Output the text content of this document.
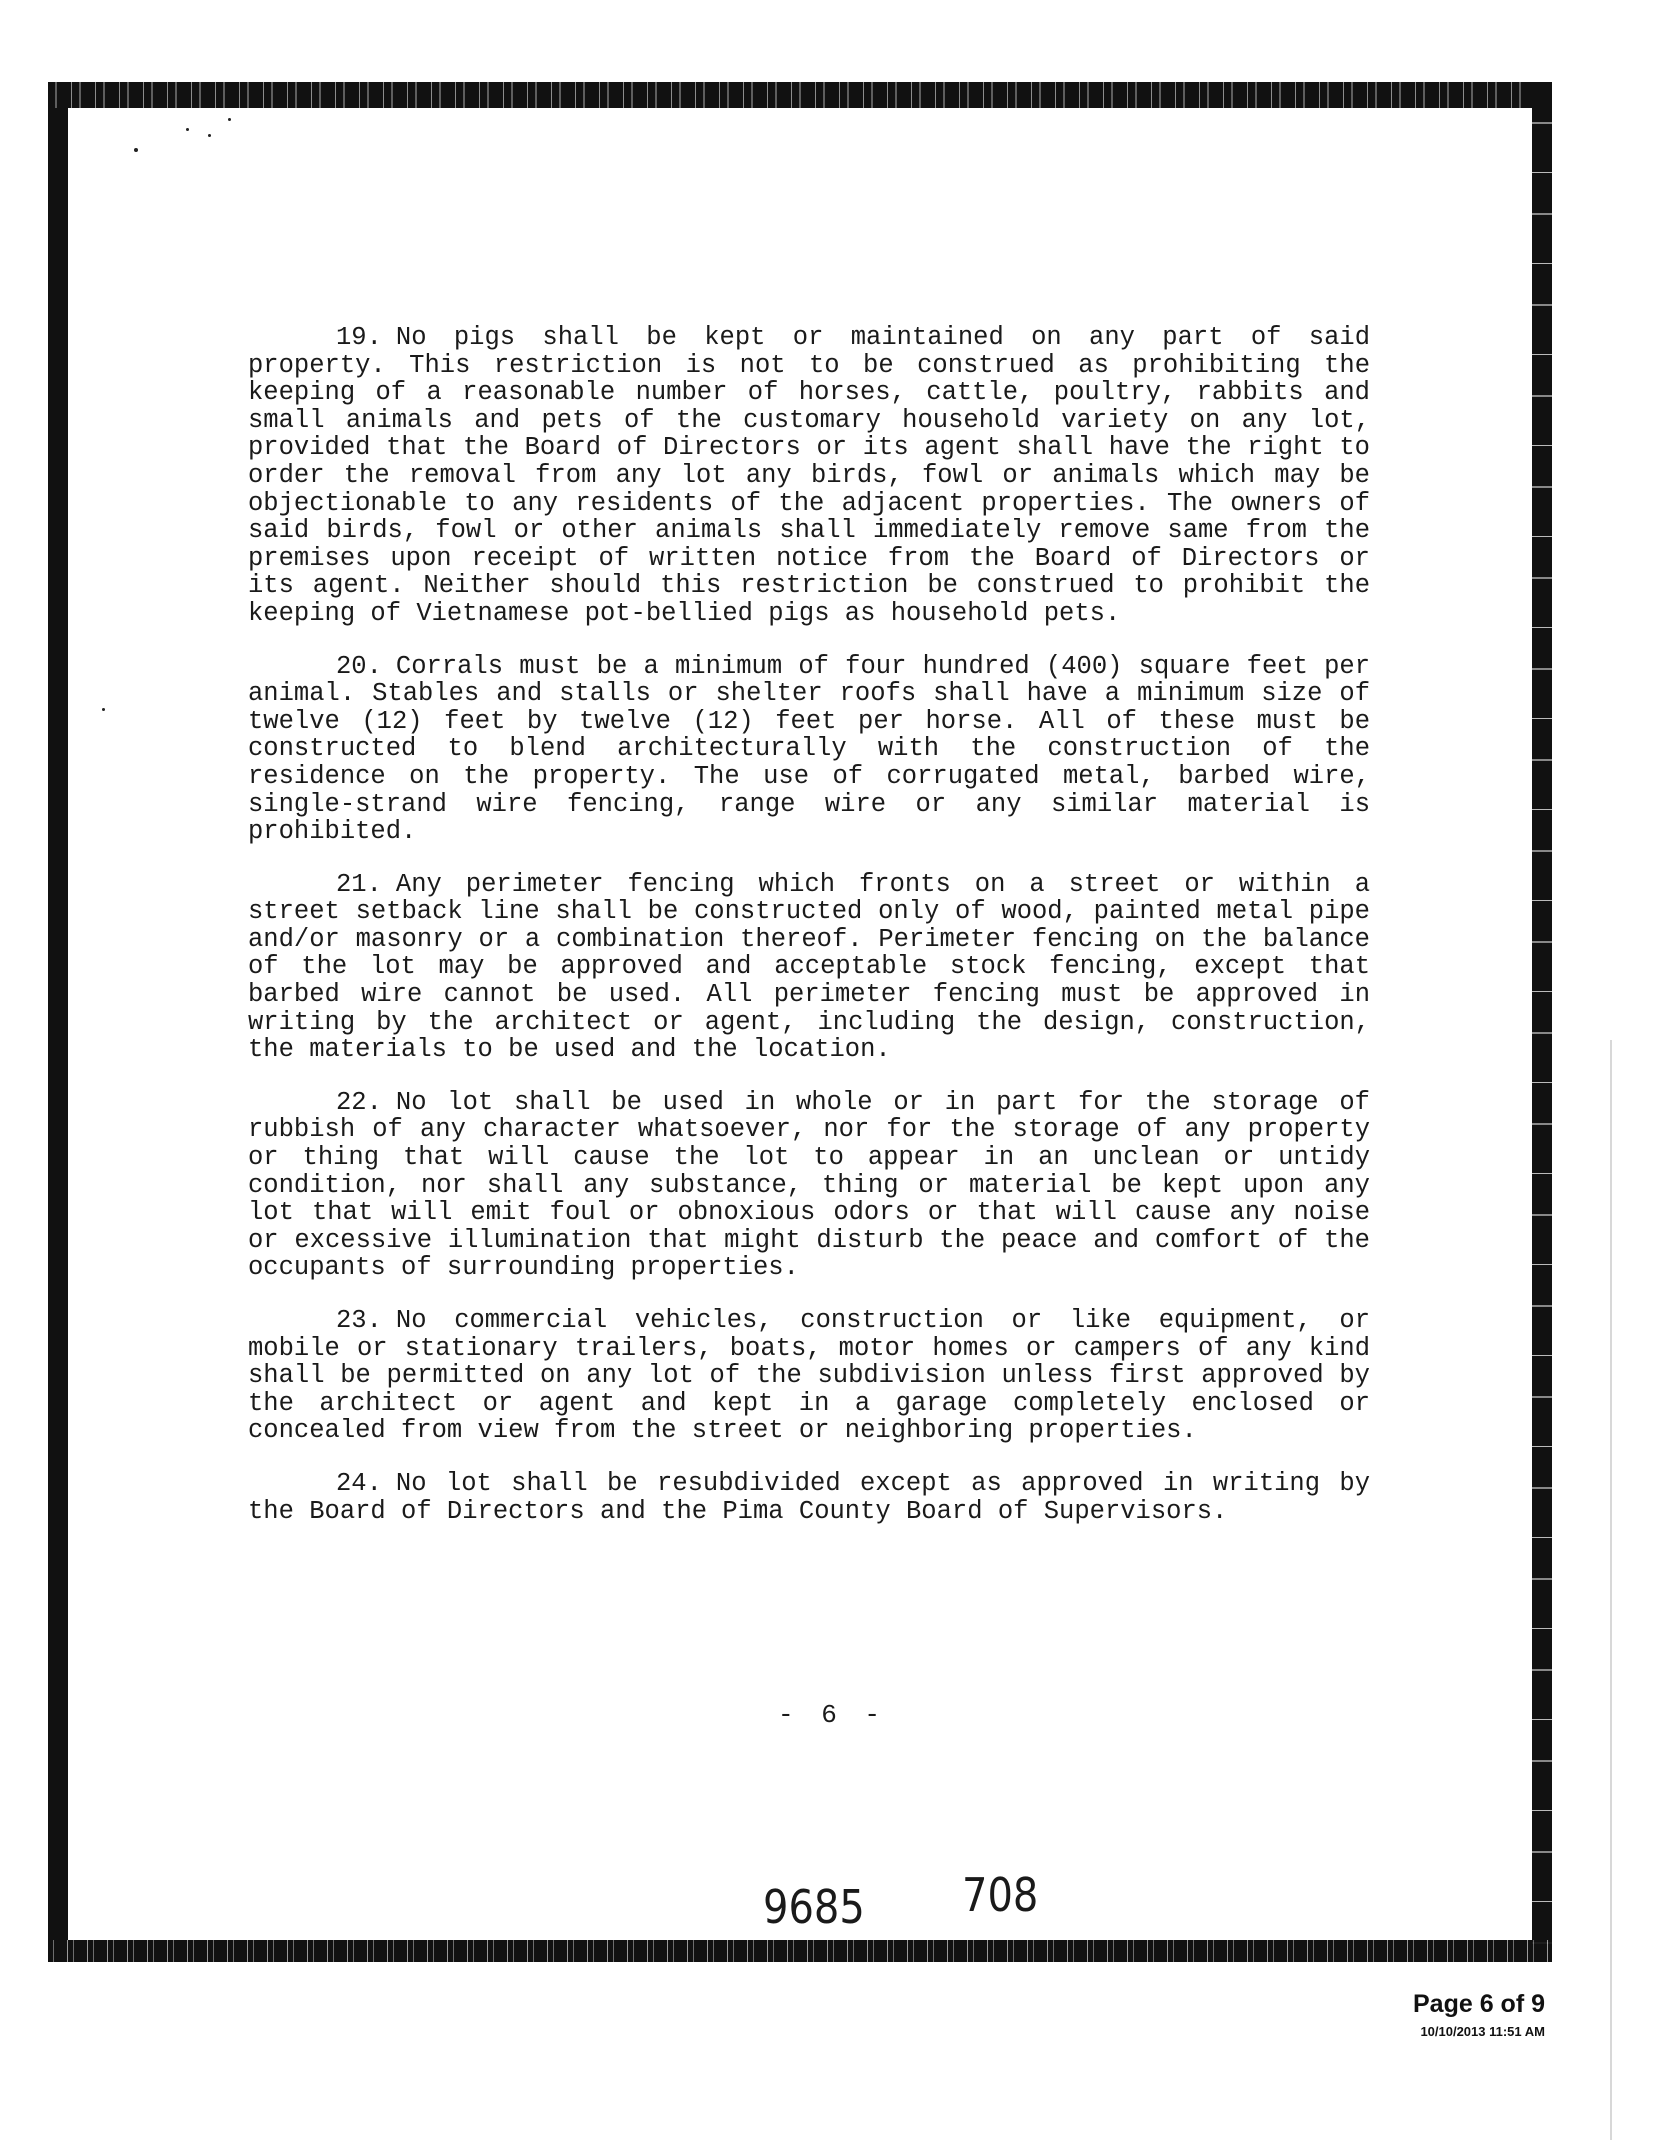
19. No pigs shall be kept or maintained on any part of said property. This restriction is not to be construed as prohibiting the keeping of a reasonable number of horses, cattle, poultry, rabbits and small animals and pets of the customary household variety on any lot, provided that the Board of Directors or its agent shall have the right to order the removal from any lot any birds, fowl or animals which may be objectionable to any residents of the adjacent properties. The owners of said birds, fowl or other animals shall immediately remove same from the premises upon receipt of written notice from the Board of Directors or its agent. Neither should this restriction be construed to prohibit the keeping of Vietnamese pot-bellied pigs as household pets.

20. Corrals must be a minimum of four hundred (400) square feet per animal. Stables and stalls or shelter roofs shall have a minimum size of twelve (12) feet by twelve (12) feet per horse. All of these must be constructed to blend architecturally with the construction of the residence on the property. The use of corrugated metal, barbed wire, single-strand wire fencing, range wire or any similar material is prohibited.

21. Any perimeter fencing which fronts on a street or within a street setback line shall be constructed only of wood, painted metal pipe and/or masonry or a combination thereof. Perimeter fencing on the balance of the lot may be approved and acceptable stock fencing, except that barbed wire cannot be used. All perimeter fencing must be approved in writing by the architect or agent, including the design, construction, the materials to be used and the location.

22. No lot shall be used in whole or in part for the storage of rubbish of any character whatsoever, nor for the storage of any property or thing that will cause the lot to appear in an unclean or untidy condition, nor shall any substance, thing or material be kept upon any lot that will emit foul or obnoxious odors or that will cause any noise or excessive illumination that might disturb the peace and comfort of the occupants of surrounding properties.

23. No commercial vehicles, construction or like equipment, or mobile or stationary trailers, boats, motor homes or campers of any kind shall be permitted on any lot of the subdivision unless first approved by the architect or agent and kept in a garage completely enclosed or concealed from view from the street or neighboring properties.

24. No lot shall be resubdivided except as approved in writing by the Board of Directors and the Pima County Board of Supervisors.

- 6 -
9685 708
Page 6 of 9
10/10/2013 11:51 AM
